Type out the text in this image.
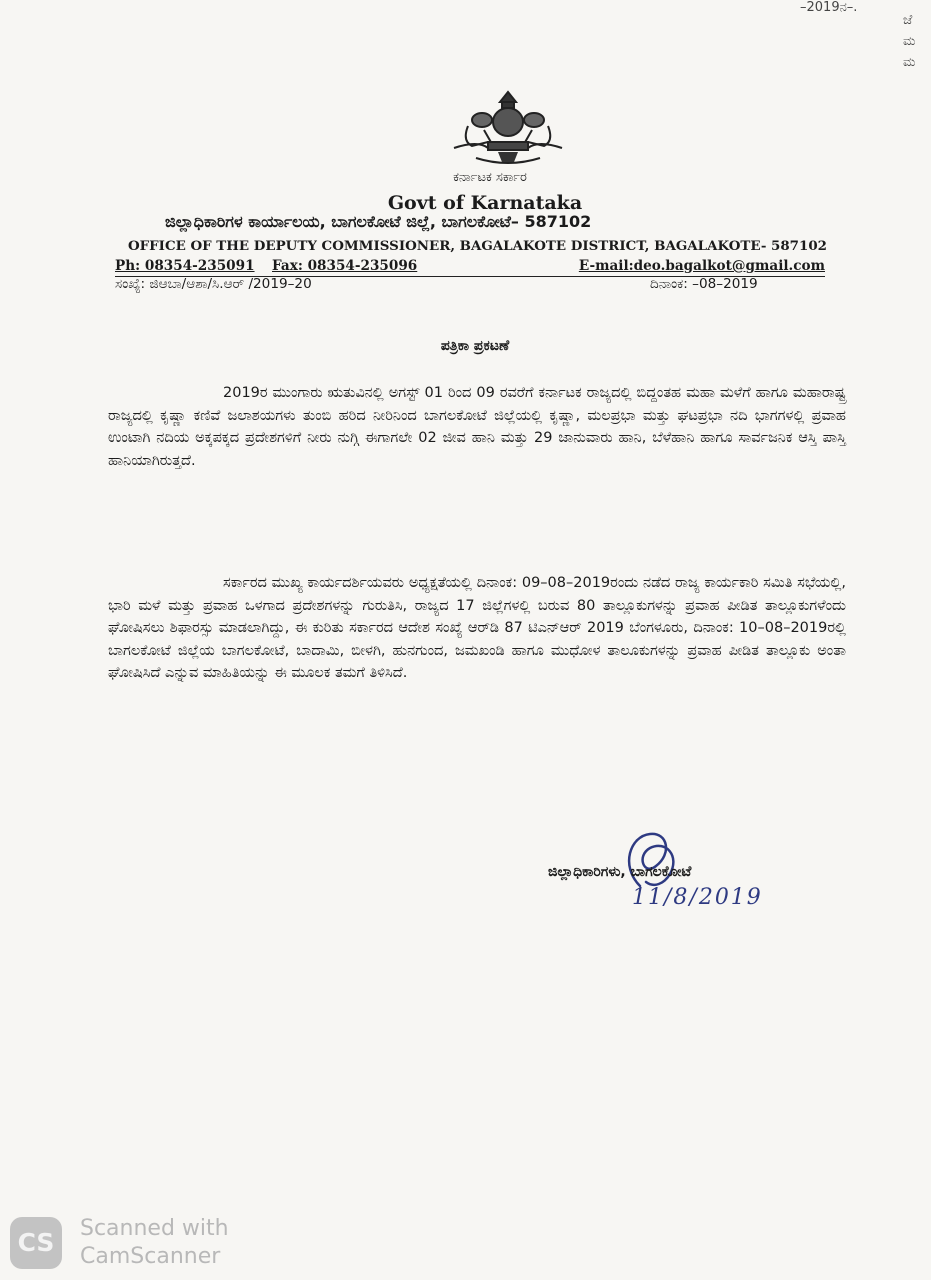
–2019ನ–.
ಜೆ
ಮ
ಮ
ಕರ್ನಾಟಕ ಸರ್ಕಾರ
Govt of Karnataka
ಜಿಲ್ಲಾಧಿಕಾರಿಗಳ ಕಾರ್ಯಾಲಯ, ಬಾಗಲಕೋಟೆ ಜಿಲ್ಲೆ, ಬಾಗಲಕೋಟೆ– 587102
OFFICE OF THE DEPUTY COMMISSIONER, BAGALAKOTE DISTRICT, BAGALAKOTE- 587102
Ph: 08354-235091 Fax: 08354-235096	E-mail:deo.bagalkot@gmail.com
ಸಂಖ್ಯೆ: ಜಿಆಬಾ/ಆಶಾ/ಸಿ.ಆರ್ /2019–20	ದಿನಾಂಕ: –08–2019
ಪತ್ರಿಕಾ ಪ್ರಕಟಣೆ
2019ರ ಮುಂಗಾರು ಋತುವಿನಲ್ಲಿ ಅಗಸ್ಟ್ 01 ರಿಂದ 09 ರವರೆಗೆ ಕರ್ನಾಟಕ ರಾಜ್ಯದಲ್ಲಿ ಬಿದ್ದಂತಹ ಮಹಾ ಮಳೆಗೆ ಹಾಗೂ ಮಹಾರಾಷ್ಟ್ರ ರಾಜ್ಯದಲ್ಲಿ ಕೃಷ್ಣಾ ಕಣಿವೆ ಜಲಾಶಯಗಳು ತುಂಬಿ ಹರಿದ ನೀರಿನಿಂದ ಬಾಗಲಕೋಟೆ ಜಿಲ್ಲೆಯಲ್ಲಿ ಕೃಷ್ಣಾ, ಮಲಪ್ರಭಾ ಮತ್ತು ಘಟಪ್ರಭಾ ನದಿ ಭಾಗಗಳಲ್ಲಿ ಪ್ರವಾಹ ಉಂಟಾಗಿ ನದಿಯ ಅಕ್ಕಪಕ್ಕದ ಪ್ರದೇಶಗಳಿಗೆ ನೀರು ನುಗ್ಗಿ ಈಗಾಗಲೇ 02 ಜೀವ ಹಾನಿ ಮತ್ತು 29 ಜಾನುವಾರು ಹಾನಿ, ಬೆಳೆಹಾನಿ ಹಾಗೂ ಸಾರ್ವಜನಿಕ ಆಸ್ತಿ ಪಾಸ್ತಿ ಹಾನಿಯಾಗಿರುತ್ತದೆ.
ಸರ್ಕಾರದ ಮುಖ್ಯ ಕಾರ್ಯದರ್ಶಿಯವರು ಅಧ್ಯಕ್ಷತೆಯಲ್ಲಿ ದಿನಾಂಕ: 09–08–2019ರಂದು ನಡೆದ ರಾಜ್ಯ ಕಾರ್ಯಕಾರಿ ಸಮಿತಿ ಸಭೆಯಲ್ಲಿ, ಭಾರಿ ಮಳೆ ಮತ್ತು ಪ್ರವಾಹ ಒಳಗಾದ ಪ್ರದೇಶಗಳನ್ನು ಗುರುತಿಸಿ, ರಾಜ್ಯದ 17 ಜಿಲ್ಲೆಗಳಲ್ಲಿ ಬರುವ 80 ತಾಲ್ಲೂಕುಗಳನ್ನು ಪ್ರವಾಹ ಪೀಡಿತ ತಾಲ್ಲೂಕುಗಳೆಂದು ಘೋಷಿಸಲು ಶಿಫಾರಸ್ಸು ಮಾಡಲಾಗಿದ್ದು, ಈ ಕುರಿತು ಸರ್ಕಾರದ ಆದೇಶ ಸಂಖ್ಯೆ ಆರ್‌ಡಿ 87 ಟಿಎನ್‌ಆರ್ 2019 ಬೆಂಗಳೂರು, ದಿನಾಂಕ: 10–08–2019ರಲ್ಲಿ ಬಾಗಲಕೋಟೆ ಜಿಲ್ಲೆಯ ಬಾಗಲಕೋಟೆ, ಬಾದಾಮಿ, ಬೀಳಗಿ, ಹುನಗುಂದ, ಜಮಖಂಡಿ ಹಾಗೂ ಮುಧೋಳ ತಾಲೂಕುಗಳನ್ನು ಪ್ರವಾಹ ಪೀಡಿತ ತಾಲ್ಲೂಕು ಅಂತಾ ಘೋಷಿಸಿದೆ ಎನ್ನುವ ಮಾಹಿತಿಯನ್ನು ಈ ಮೂಲಕ ತಮಗೆ ತಿಳಿಸಿದೆ.
ಜಿಲ್ಲಾಧಿಕಾರಿಗಳು, ಬಾಗಲಕೋಟೆ
11/8/2019
CS	Scanned with
CamScanner
